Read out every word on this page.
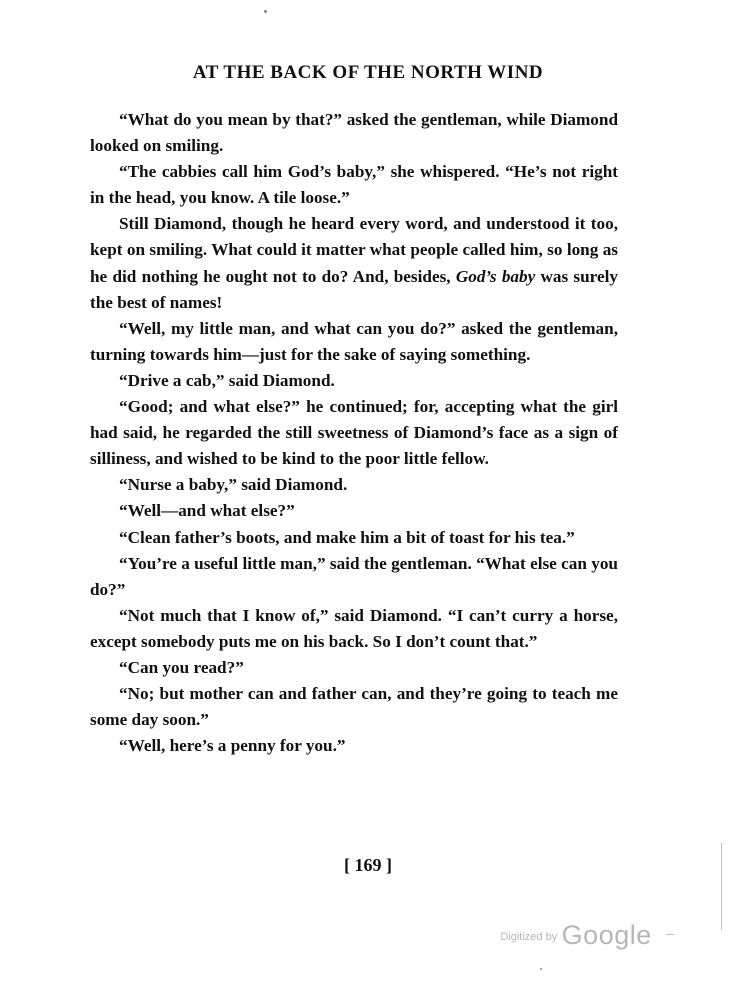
AT THE BACK OF THE NORTH WIND

“What do you mean by that?” asked the gentleman, while Diamond looked on smiling.

“The cabbies call him God’s baby,” she whispered. “He’s not right in the head, you know. A tile loose.”

Still Diamond, though he heard every word, and understood it too, kept on smiling. What could it matter what people called him, so long as he did nothing he ought not to do? And, besides, God’s baby was surely the best of names!

“Well, my little man, and what can you do?” asked the gentleman, turning towards him—just for the sake of saying something.

“Drive a cab,” said Diamond.

“Good; and what else?” he continued; for, accepting what the girl had said, he regarded the still sweetness of Diamond’s face as a sign of silliness, and wished to be kind to the poor little fellow.

“Nurse a baby,” said Diamond.

“Well—and what else?”

“Clean father’s boots, and make him a bit of toast for his tea.”

“You’re a useful little man,” said the gentleman. “What else can you do?”

“Not much that I know of,” said Diamond. “I can’t curry a horse, except somebody puts me on his back. So I don’t count that.”

“Can you read?”

“No; but mother can and father can, and they’re going to teach me some day soon.”

“Well, here’s a penny for you.”

[ 169 ]
$^{Digitized by}$ Google –
